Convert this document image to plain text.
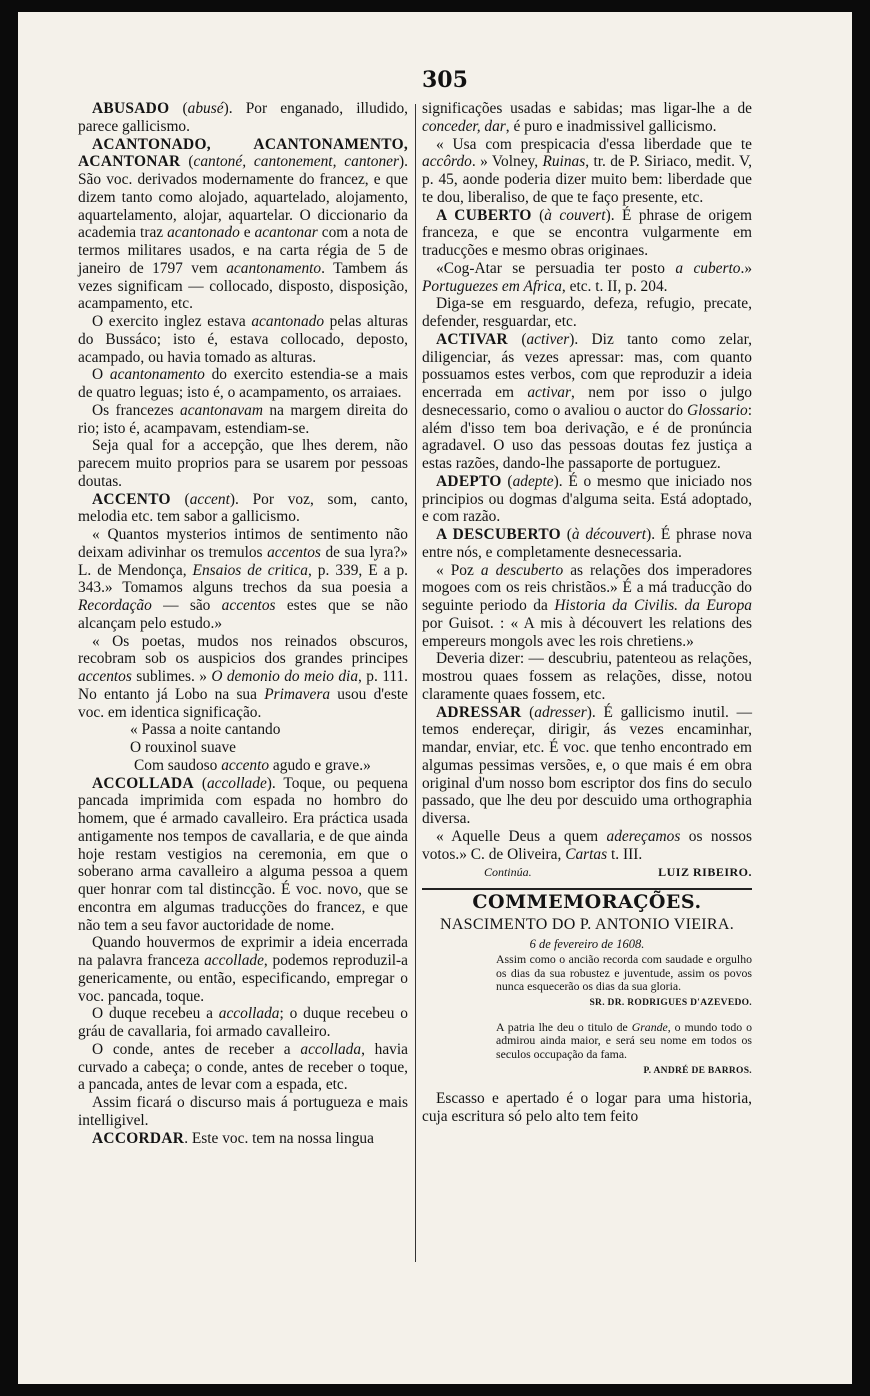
305

ABUSADO (abusé). Por enganado, illudido, parece gallicismo.

ACANTONADO, ACANTONAMENTO, ACANTONAR (cantoné, cantonement, cantoner). São voc. derivados modernamente do francez, e que dizem tanto como alojado, aquartelado, alojamento, aquartelamento, alojar, aquartelar. O diccionario da academia traz acantonado e acantonar com a nota de termos militares usados, e na carta régia de 5 de janeiro de 1797 vem acantonamento. Tambem ás vezes significam — collocado, disposto, disposição, acampamento, etc.

O exercito inglez estava acantonado pelas alturas do Bussáco; isto é, estava collocado, deposto, acampado, ou havia tomado as alturas.

O acantonamento do exercito estendia-se a mais de quatro leguas; isto é, o acampamento, os arraiaes.

Os francezes acantonavam na margem direita do rio; isto é, acampavam, estendiam-se.

Seja qual for a accepção, que lhes derem, não parecem muito proprios para se usarem por pessoas doutas.

ACCENTO (accent). Por voz, som, canto, melodia etc. tem sabor a gallicismo.

« Quantos mysterios intimos de sentimento não deixam adivinhar os tremulos accentos de sua lyra?» L. de Mendonça, Ensaios de critica, p. 339, E a p. 343.» Tomamos alguns trechos da sua poesia a Recordação — são accentos estes que se não alcançam pelo estudo.»

« Os poetas, mudos nos reinados obscuros, recobram sob os auspicios dos grandes principes accentos sublimes. » O demonio do meio dia, p. 111. No entanto já Lobo na sua Primavera usou d'este voc. em identica significação.

« Passa a noite cantando

O rouxinol suave

Com saudoso accento agudo e grave.»

ACCOLLADA (accollade). Toque, ou pequena pancada imprimida com espada no hombro do homem, que é armado cavalleiro. Era práctica usada antigamente nos tempos de cavallaria, e de que ainda hoje restam vestigios na ceremonia, em que o soberano arma cavalleiro a alguma pessoa a quem quer honrar com tal distincção. É voc. novo, que se encontra em algumas traducções do francez, e que não tem a seu favor auctoridade de nome.

Quando houvermos de exprimir a ideia encerrada na palavra franceza accollade, podemos reproduzil-a genericamente, ou então, especificando, empregar o voc. pancada, toque.

O duque recebeu a accollada; o duque recebeu o gráu de cavallaria, foi armado cavalleiro.

O conde, antes de receber a accollada, havia curvado a cabeça; o conde, antes de receber o toque, a pancada, antes de levar com a espada, etc.

Assim ficará o discurso mais á portugueza e mais intelligivel.

ACCORDAR. Este voc. tem na nossa lingua

significações usadas e sabidas; mas ligar-lhe a de conceder, dar, é puro e inadmissivel gallicismo.

« Usa com prespicacia d'essa liberdade que te accôrdo. » Volney, Ruinas, tr. de P. Siriaco, medit. V, p. 45, aonde poderia dizer muito bem: liberdade que te dou, liberaliso, de que te faço presente, etc.

A CUBERTO (à couvert). É phrase de origem franceza, e que se encontra vulgarmente em traducções e mesmo obras originaes.

«Cog-Atar se persuadia ter posto a cuberto.» Portuguezes em Africa, etc. t. II, p. 204.

Diga-se em resguardo, defeza, refugio, precate, defender, resguardar, etc.

ACTIVAR (activer). Diz tanto como zelar, diligenciar, ás vezes apressar: mas, com quanto possuamos estes verbos, com que reproduzir a ideia encerrada em activar, nem por isso o julgo desnecessario, como o avaliou o auctor do Glossario: além d'isso tem boa derivação, e é de pronúncia agradavel. O uso das pessoas doutas fez justiça a estas razões, dando-lhe passaporte de portuguez.

ADEPTO (adepte). É o mesmo que iniciado nos principios ou dogmas d'alguma seita. Está adoptado, e com razão.

A DESCUBERTO (à découvert). É phrase nova entre nós, e completamente desnecessaria.

« Poz a descuberto as relações dos imperadores mogoes com os reis christãos.» É a má traducção do seguinte periodo da Historia da Civilis. da Europa por Guisot. : « A mis à découvert les relations des empereurs mongols avec les rois chretiens.»

Deveria dizer: — descubriu, patenteou as relações, mostrou quaes fossem as relações, disse, notou claramente quaes fossem, etc.

ADRESSAR (adresser). É gallicismo inutil. — temos endereçar, dirigir, ás vezes encaminhar, mandar, enviar, etc. É voc. que tenho encontrado em algumas pessimas versões, e, o que mais é em obra original d'um nosso bom escriptor dos fins do seculo passado, que lhe deu por descuido uma orthographia diversa.

« Aquelle Deus a quem adereçamos os nossos votos.» C. de Oliveira, Cartas t. III.

Continúa.	LUIZ RIBEIRO.
COMMEMORAÇÕES.
NASCIMENTO DO P. ANTONIO VIEIRA.
6 de fevereiro de 1608.
Assim como o ancião recorda com saudade e orgulho os dias da sua robustez e juventude, assim os povos nunca esquecerão os dias da sua gloria.
SR. DR. RODRIGUES D'AZEVEDO.
A patria lhe deu o titulo de Grande, o mundo todo o admirou ainda maior, e será seu nome em todos os seculos occupação da fama.
P. ANDRÉ DE BARROS.

Escasso e apertado é o logar para uma historia, cuja escritura só pelo alto tem feito
